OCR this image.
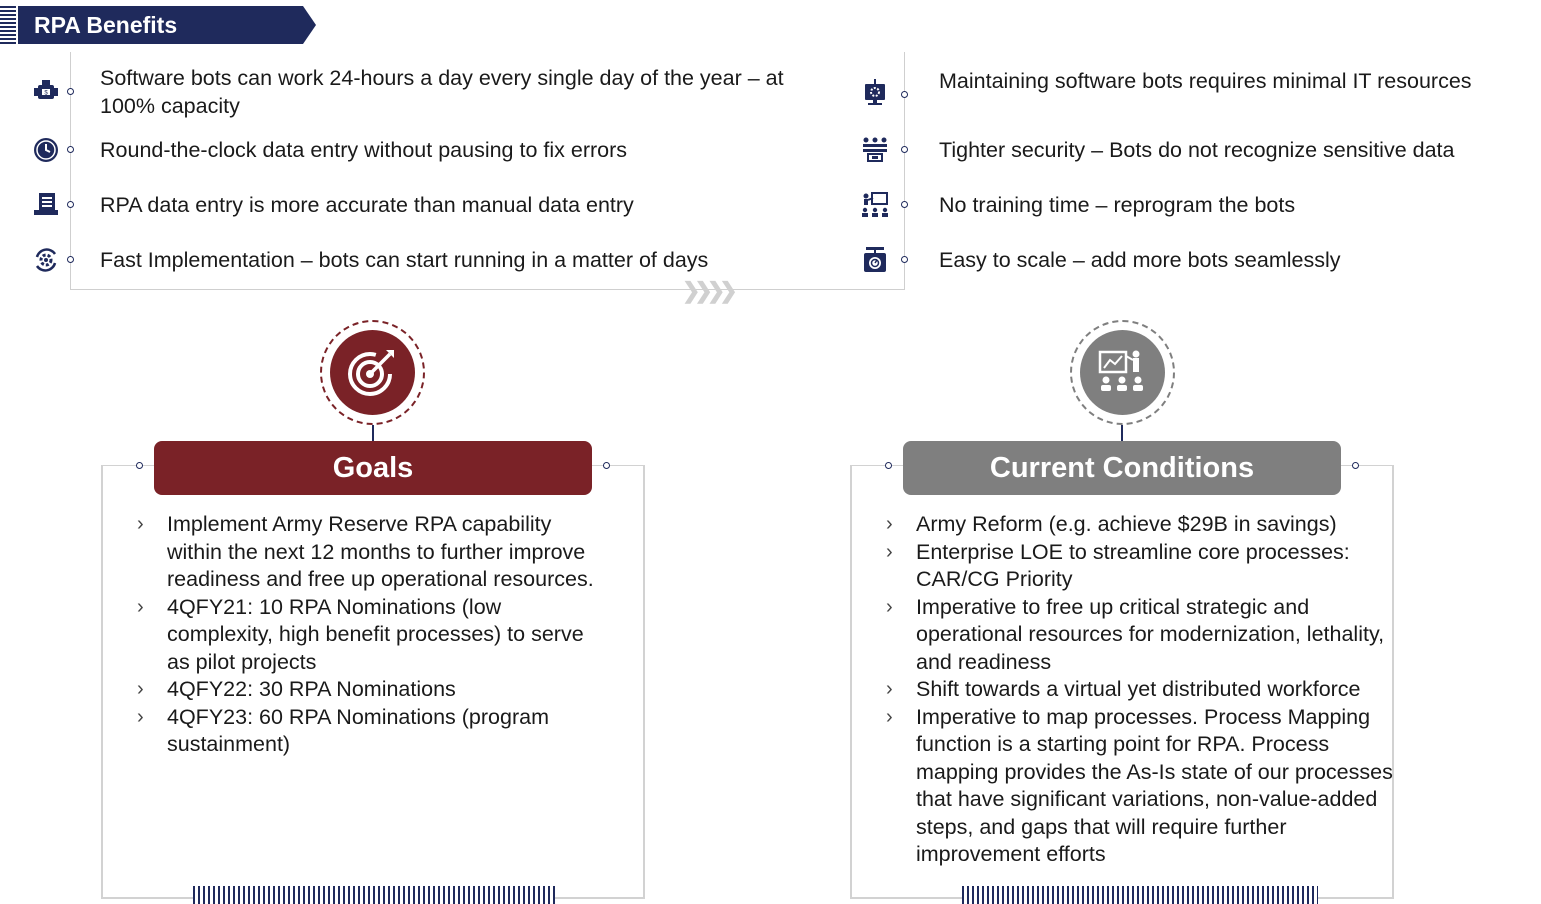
RPA Benefits
❯❯❯❯
$
Software bots can work 24-hours a day every single day of the year – at 100% capacity
Round-the-clock data entry without pausing to fix errors
RPA data entry is more accurate than manual data entry
Fast Implementation – bots can start running in a matter of days
Maintaining software bots requires minimal IT resources
Tighter security – Bots do not recognize sensitive data
No training time – reprogram the bots
Easy to scale – add more bots seamlessly
Goals
› Implement Army Reserve RPA capability within the next 12 months to further improve readiness and free up operational resources.
› 4QFY21: 10 RPA Nominations (low complexity, high benefit processes) to serve as pilot projects
› 4QFY22: 30 RPA Nominations
› 4QFY23: 60 RPA Nominations (program sustainment)
Current Conditions
› Army Reform (e.g. achieve $29B in savings)
› Enterprise LOE to streamline core processes: CAR/CG Priority
› Imperative to free up critical strategic and operational resources for modernization, lethality, and readiness
› Shift towards a virtual yet distributed workforce
› Imperative to map processes. Process Mapping function is a starting point for RPA. Process mapping provides the As-Is state of our processes that have significant variations, non-value-added steps, and gaps that will require further improvement efforts
